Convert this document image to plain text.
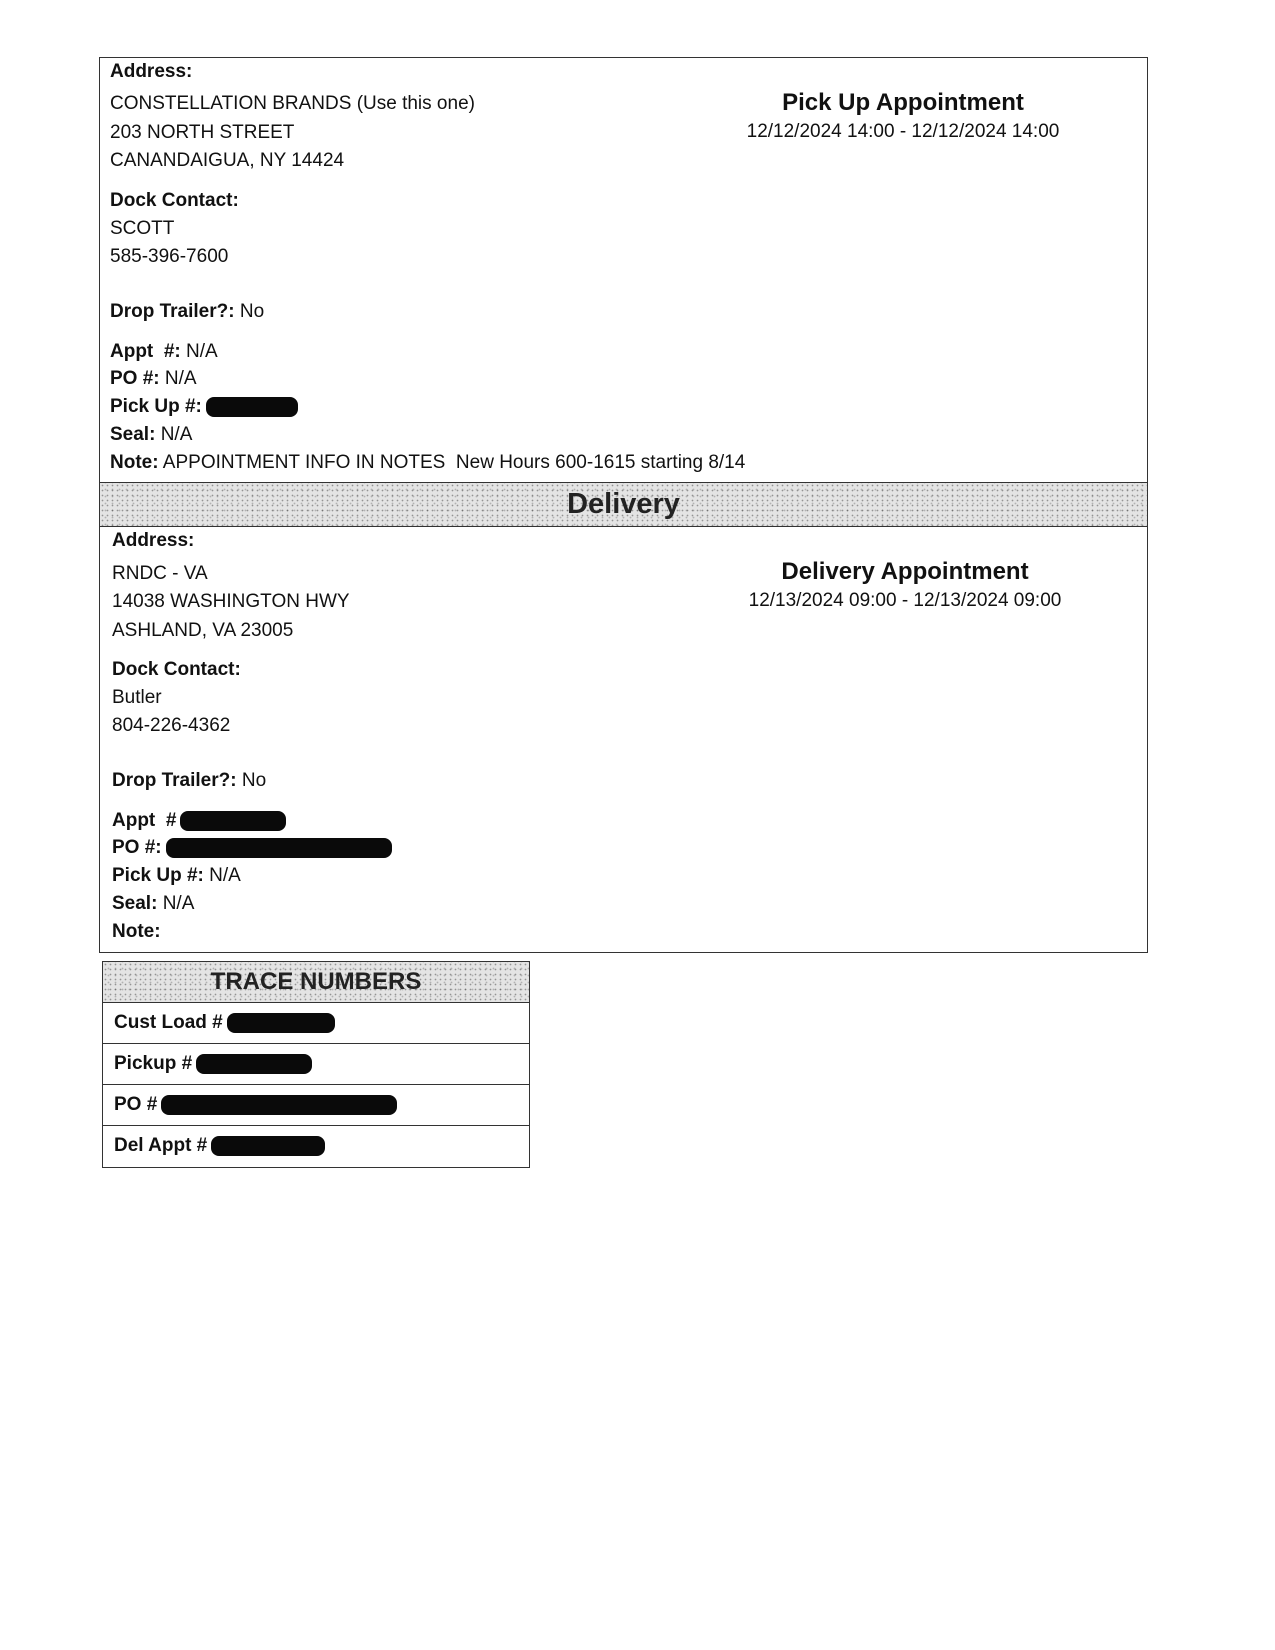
Address:
CONSTELLATION BRANDS (Use this one)
203 NORTH STREET
CANANDAIGUA, NY 14424
Pick Up Appointment
12/12/2024 14:00 - 12/12/2024 14:00
Dock Contact:
SCOTT
585-396-7600
Drop Trailer?: No
Appt  #: N/A
PO #: N/A
Pick Up #:
Seal: N/A
Note: APPOINTMENT INFO IN NOTES  New Hours 600-1615 starting 8/14
Delivery
Address:
RNDC - VA
14038 WASHINGTON HWY
ASHLAND, VA 23005
Delivery Appointment
12/13/2024 09:00 - 12/13/2024 09:00
Dock Contact:
Butler
804-226-4362
Drop Trailer?: No
Appt  #
PO #:
Pick Up #: N/A
Seal: N/A
Note:
TRACE NUMBERS
Cust Load #
Pickup #
PO #
Del Appt #
